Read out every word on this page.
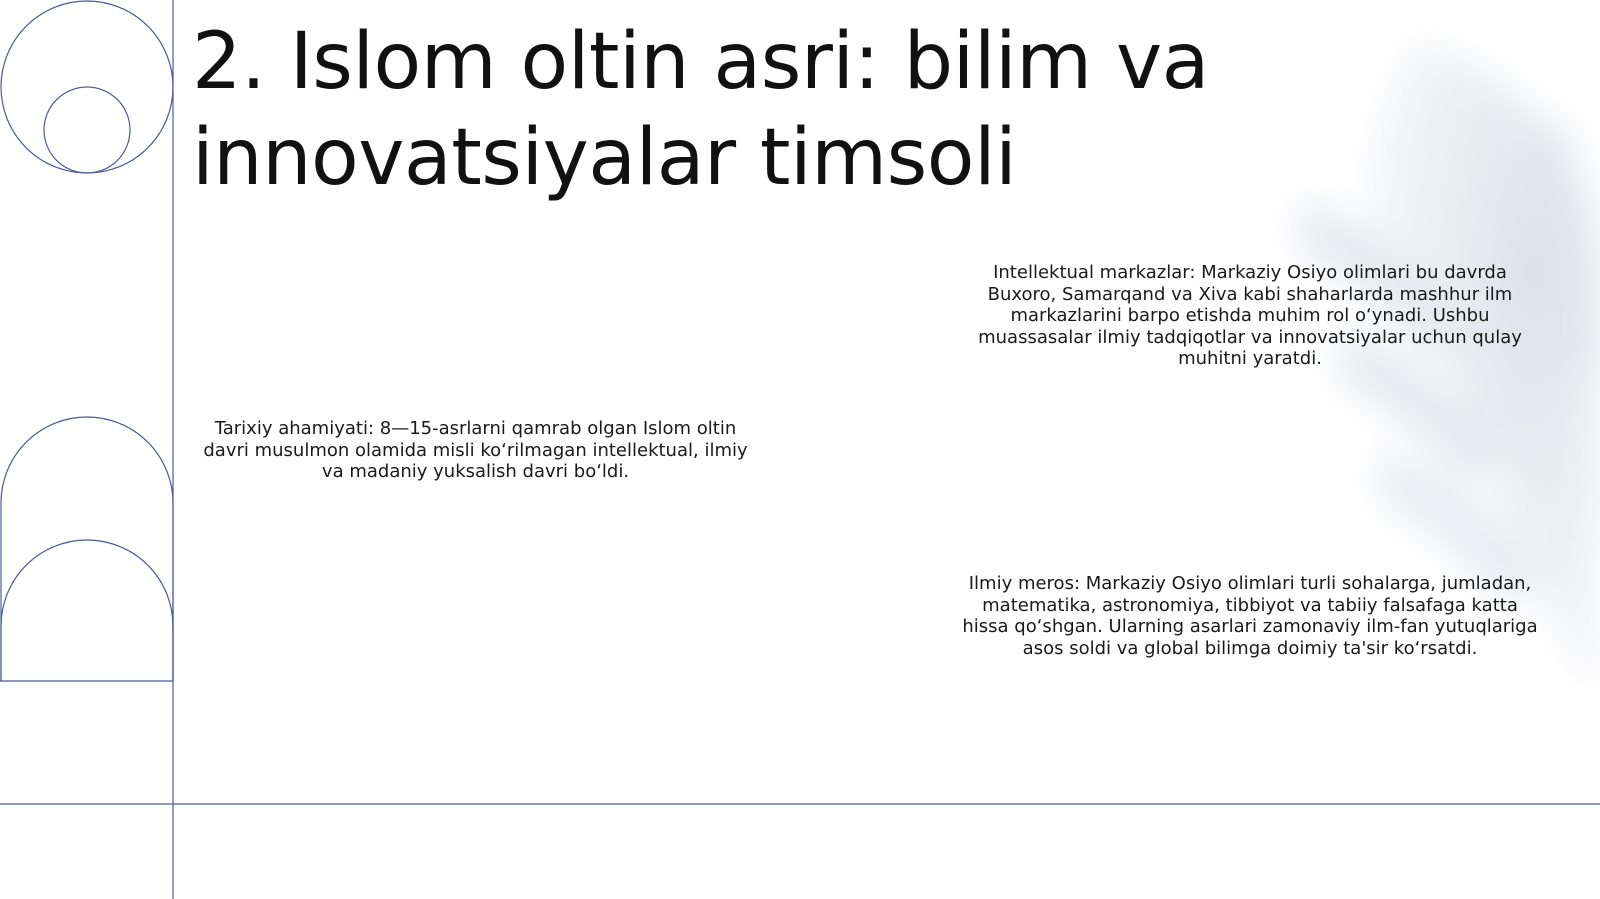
2. Islom oltin asri: bilim va innovatsiyalar timsoli

Tarixiy ahamiyati: 8—15-asrlarni qamrab olgan Islom oltin davri musulmon olamida misli ko‘rilmagan intellektual, ilmiy va madaniy yuksalish davri bo‘ldi.

Intellektual markazlar: Markaziy Osiyo olimlari bu davrda Buxoro, Samarqand va Xiva kabi shaharlarda mashhur ilm markazlarini barpo etishda muhim rol o‘ynadi. Ushbu muassasalar ilmiy tadqiqotlar va innovatsiyalar uchun qulay muhitni yaratdi.

Ilmiy meros: Markaziy Osiyo olimlari turli sohalarga, jumladan, matematika, astronomiya, tibbiyot va tabiiy falsafaga katta hissa qo‘shgan. Ularning asarlari zamonaviy ilm-fan yutuqlariga asos soldi va global bilimga doimiy ta'sir ko‘rsatdi.
